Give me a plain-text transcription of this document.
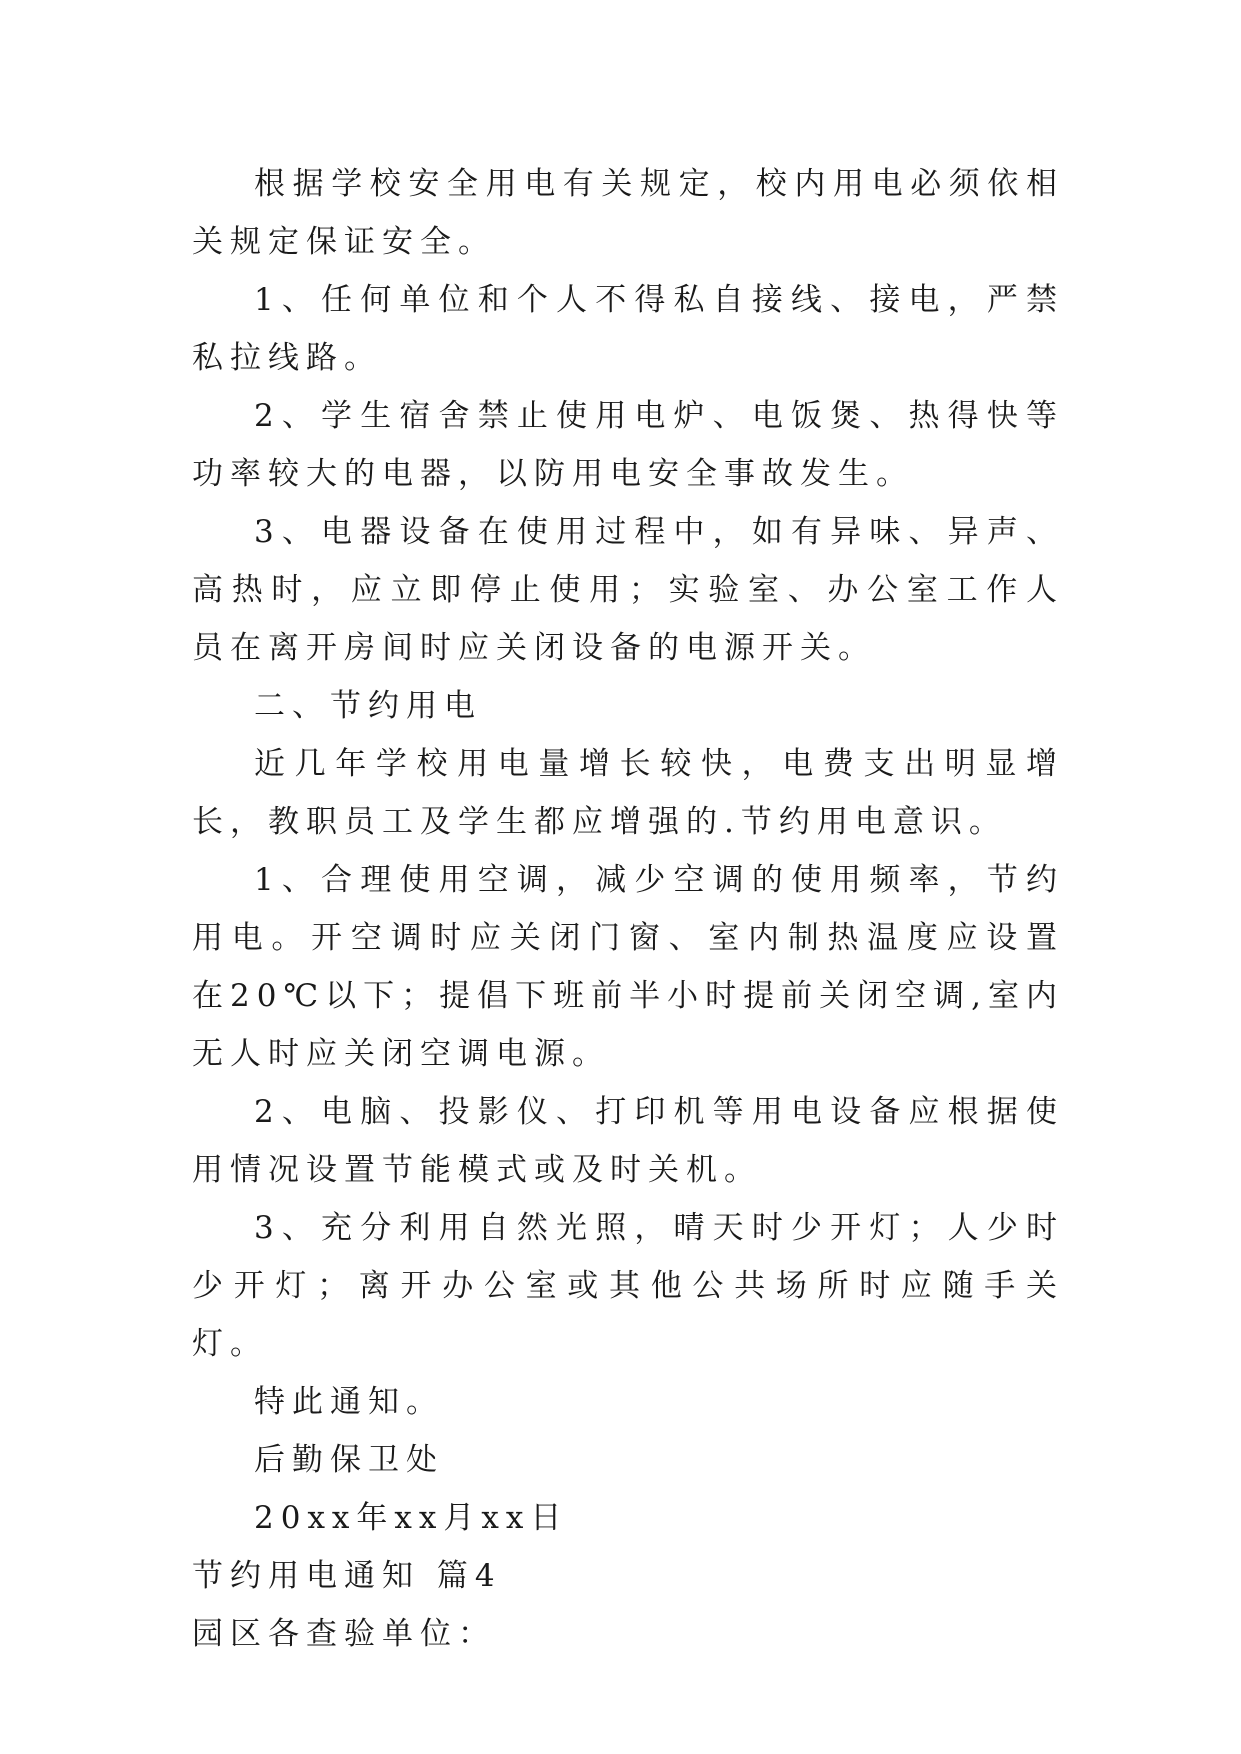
根据学校安全用电有关规定，校内用电必须依相关规定保证安全。

1、任何单位和个人不得私自接线、接电，严禁私拉线路。

2、学生宿舍禁止使用电炉、电饭煲、热得快等功率较大的电器，以防用电安全事故发生。

3、电器设备在使用过程中，如有异味、异声、高热时，应立即停止使用；实验室、办公室工作人员在离开房间时应关闭设备的电源开关。

二、节约用电

近几年学校用电量增长较快，电费支出明显增长，教职员工及学生都应增强的.节约用电意识。

1、合理使用空调，减少空调的使用频率，节约用电。开空调时应关闭门窗、室内制热温度应设置在20℃以下；提倡下班前半小时提前关闭空调,室内无人时应关闭空调电源。

2、电脑、投影仪、打印机等用电设备应根据使用情况设置节能模式或及时关机。

3、充分利用自然光照，晴天时少开灯；人少时少开灯；离开办公室或其他公共场所时应随手关灯。

特此通知。

后勤保卫处

20xx年xx月xx日

节约用电通知 篇4

园区各查验单位：
